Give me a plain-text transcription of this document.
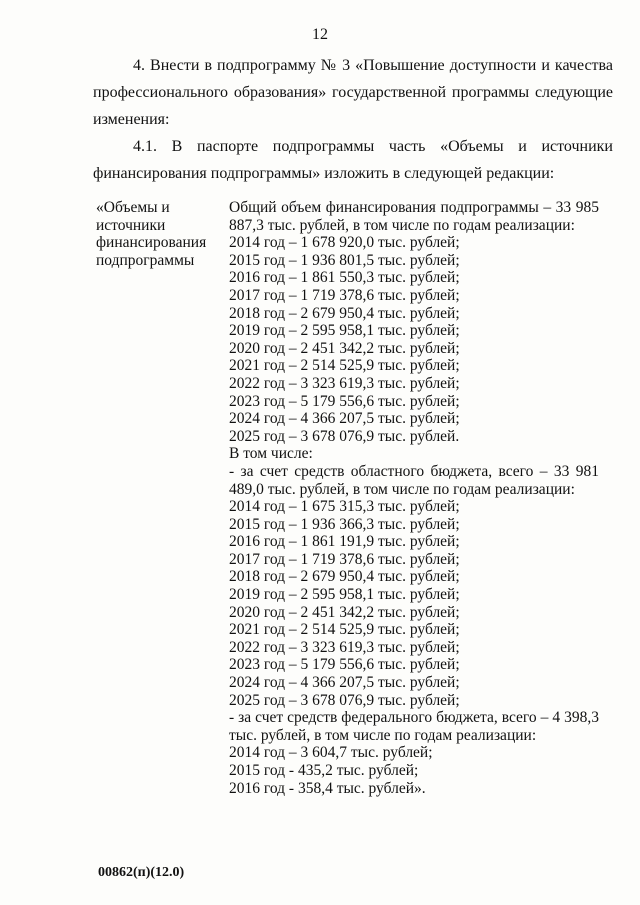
12
4. Внести в подпрограмму № 3 «Повышение доступности и качества профессионального образования» государственной программы следующие изменения:
4.1. В паспорте подпрограммы часть «Объемы и источники финансирования подпрограммы» изложить в следующей редакции:
«Объемы и источники финансирования подпрограммы
Общий объем финансирования подпрограммы – 33 985 887,3 тыс. рублей, в том числе по годам реализации:
2014 год – 1 678 920,0 тыс. рублей;
2015 год – 1 936 801,5 тыс. рублей;
2016 год – 1 861 550,3 тыс. рублей;
2017 год – 1 719 378,6 тыс. рублей;
2018 год – 2 679 950,4 тыс. рублей;
2019 год – 2 595 958,1 тыс. рублей;
2020 год – 2 451 342,2 тыс. рублей;
2021 год – 2 514 525,9 тыс. рублей;
2022 год – 3 323 619,3 тыс. рублей;
2023 год – 5 179 556,6 тыс. рублей;
2024 год – 4 366 207,5 тыс. рублей;
2025 год – 3 678 076,9 тыс. рублей.
В том числе:
- за счет средств областного бюджета, всего – 33 981 489,0 тыс. рублей, в том числе по годам реализации:
2014 год – 1 675 315,3 тыс. рублей;
2015 год – 1 936 366,3 тыс. рублей;
2016 год – 1 861 191,9 тыс. рублей;
2017 год – 1 719 378,6 тыс. рублей;
2018 год – 2 679 950,4 тыс. рублей;
2019 год – 2 595 958,1 тыс. рублей;
2020 год – 2 451 342,2 тыс. рублей;
2021 год – 2 514 525,9 тыс. рублей;
2022 год – 3 323 619,3 тыс. рублей;
2023 год – 5 179 556,6 тыс. рублей;
2024 год – 4 366 207,5 тыс. рублей;
2025 год – 3 678 076,9 тыс. рублей;
- за счет средств федерального бюджета, всего – 4 398,3 тыс. рублей, в том числе по годам реализации:
2014 год – 3 604,7 тыс. рублей;
2015 год - 435,2 тыс. рублей;
2016 год - 358,4 тыс. рублей».
00862(п)(12.0)
